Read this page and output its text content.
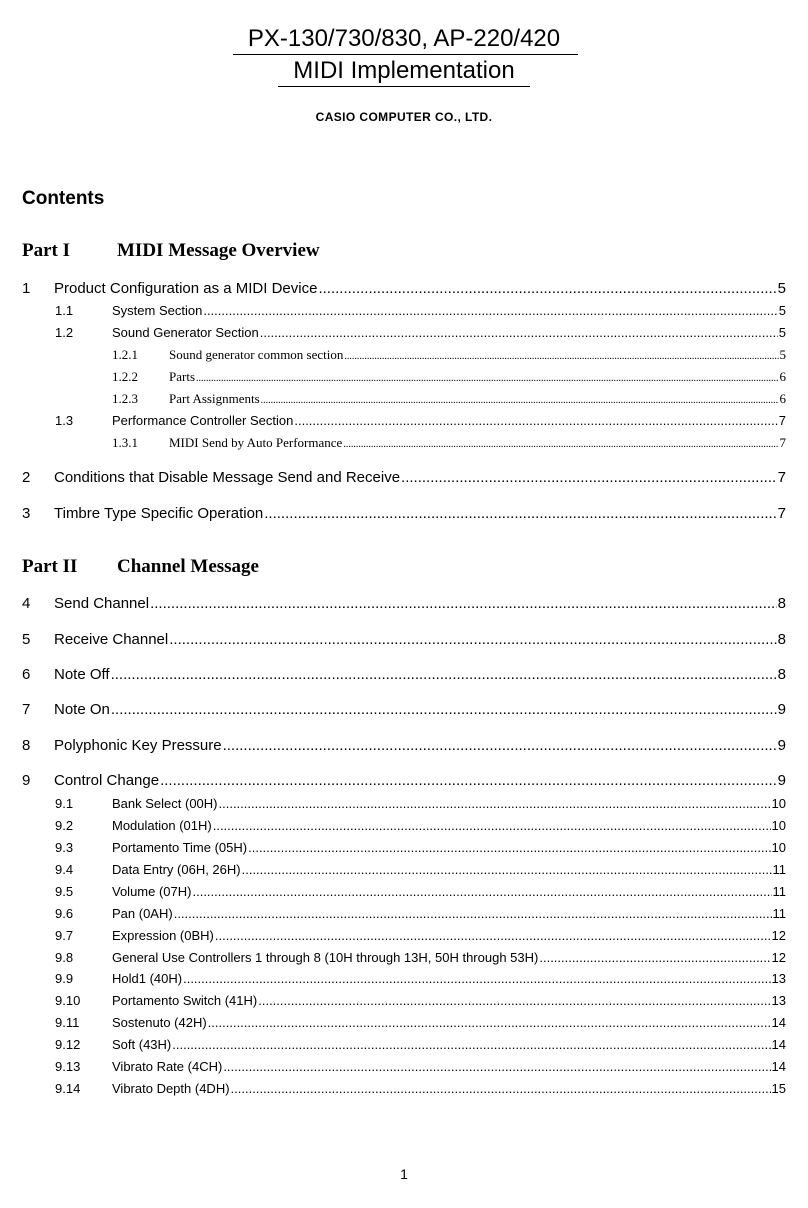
PX-130/730/830, AP-220/420
MIDI Implementation
CASIO COMPUTER CO., LTD.
Contents
Part I MIDI Message Overview
1 Product Configuration as a MIDI Device .....	5
1.1	System Section .....	5
1.2	Sound Generator Section .....	5
1.2.1 Sound generator common section .....	5
1.2.2 Parts .....	6
1.2.3 Part Assignments .....	6
1.3	Performance Controller Section .....	7
1.3.1 MIDI Send by Auto Performance .....	7
2 Conditions that Disable Message Send and Receive .....	7
3 Timbre Type Specific Operation .....	7
Part II Channel Message
4 Send Channel .....	8
5 Receive Channel .....	8
6 Note Off .....	8
7 Note On .....	9
8 Polyphonic Key Pressure .....	9
9 Control Change .....	9
9.1	Bank Select (00H) .....	10
9.2	Modulation (01H) .....	10
9.3	Portamento Time (05H) .....	10
9.4	Data Entry (06H, 26H) .....	11
9.5	Volume (07H) .....	11
9.6	Pan (0AH) .....	11
9.7	Expression (0BH) .....	12
9.8	General Use Controllers 1 through 8 (10H through 13H, 50H through 53H) .....	12
9.9	Hold1 (40H) .....	13
9.10 Portamento Switch (41H) .....	13
9.11	Sostenuto (42H) .....	14
9.12 Soft (43H) .....	14
9.13 Vibrato Rate (4CH) .....	14
9.14 Vibrato Depth (4DH) .....	15
1
